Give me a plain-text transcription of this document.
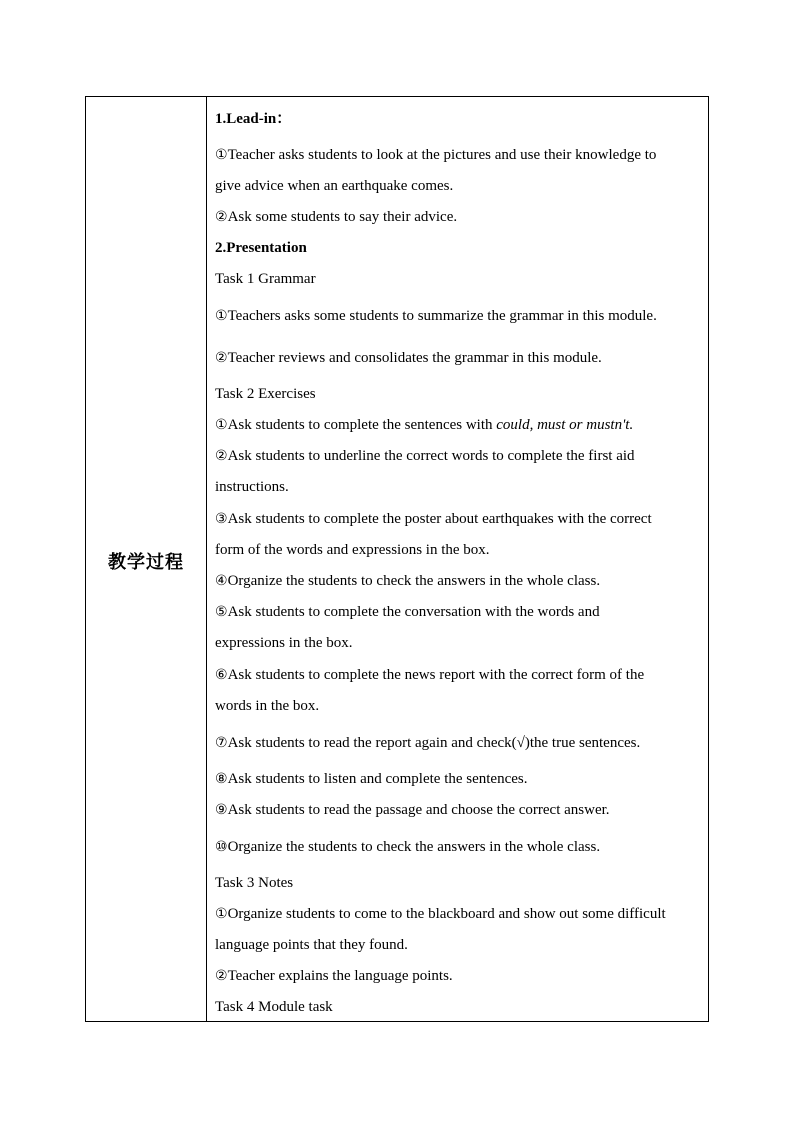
教学过程
1.Lead-in：
①Teacher asks students to look at the pictures and use their knowledge to
give advice when an earthquake comes.
②Ask some students to say their advice.
2.Presentation
Task 1 Grammar
①Teachers asks some students to summarize the grammar in this module.
②Teacher reviews and consolidates the grammar in this module.
Task 2 Exercises
①Ask students to complete the sentences with could, must or mustn't.
②Ask students to underline the correct words to complete the first aid
instructions.
③Ask students to complete the poster about earthquakes with the correct
form of the words and expressions in the box.
④Organize the students to check the answers in the whole class.
⑤Ask students to complete the conversation with the words and
expressions in the box.
⑥Ask students to complete the news report with the correct form of the
words in the box.
⑦Ask students to read the report again and check(√)the true sentences.
⑧Ask students to listen and complete the sentences.
⑨Ask students to read the passage and choose the correct answer.
⑩Organize the students to check the answers in the whole class.
Task 3 Notes
①Organize students to come to the blackboard and show out some difficult
language points that they found.
②Teacher explains the language points.
Task 4 Module task
